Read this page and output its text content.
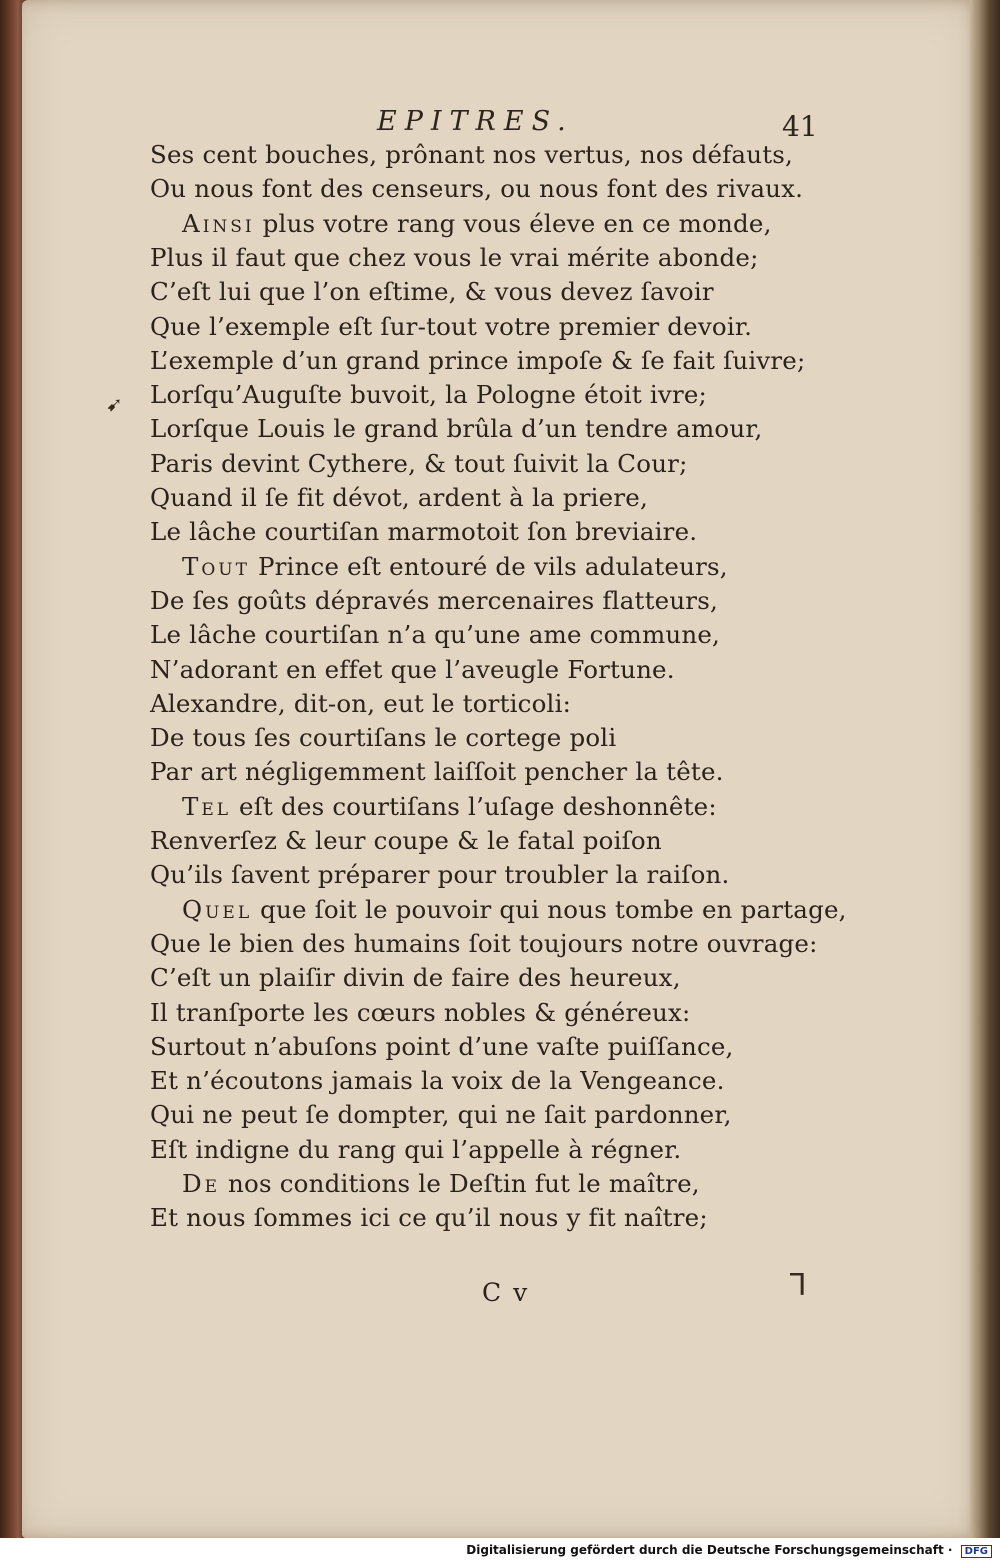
EPITRES.	41
➹
Ses cent bouches, prônant nos vertus, nos défauts,
Ou nous font des censeurs, ou nous font des rivaux.
Ainsi plus votre rang vous éleve en ce monde,
Plus il faut que chez vous le vrai mérite abonde;
C’eſt lui que l’on eſtime, & vous devez ſavoir
Que l’exemple eſt ſur-tout votre premier devoir.
L’exemple d’un grand prince impoſe & ſe fait ſuivre;
Lorſqu’Auguſte buvoit, la Pologne étoit ivre;
Lorſque Louis le grand brûla d’un tendre amour,
Paris devint Cythere, & tout ſuivit la Cour;
Quand il ſe fit dévot, ardent à la priere,
Le lâche courtiſan marmotoit ſon breviaire.
Tout Prince eſt entouré de vils adulateurs,
De ſes goûts dépravés mercenaires flatteurs,
Le lâche courtiſan n’a qu’une ame commune,
N’adorant en effet que l’aveugle Fortune.
Alexandre, dit-on, eut le torticoli:
De tous ſes courtiſans le cortege poli
Par art négligemment laiſſoit pencher la tête.
Tel eſt des courtiſans l’uſage deshonnête:
Renverſez & leur coupe & le fatal poiſon
Qu’ils ſavent préparer pour troubler la raiſon.
Quel que ſoit le pouvoir qui nous tombe en partage,
Que le bien des humains ſoit toujours notre ouvrage:
C’eſt un plaiſir divin de faire des heureux,
Il tranſporte les cœurs nobles & généreux:
Surtout n’abuſons point d’une vaſte puiſſance,
Et n’écoutons jamais la voix de la Vengeance.
Qui ne peut ſe dompter, qui ne ſait pardonner,
Eſt indigne du rang qui l’appelle à régner.
De nos conditions le Deſtin fut le maître,
Et nous ſommes ici ce qu’il nous y fit naître;
C v	⅂
Digitalisierung gefördert durch die Deutsche Forschungsgemeinschaft · DFG
